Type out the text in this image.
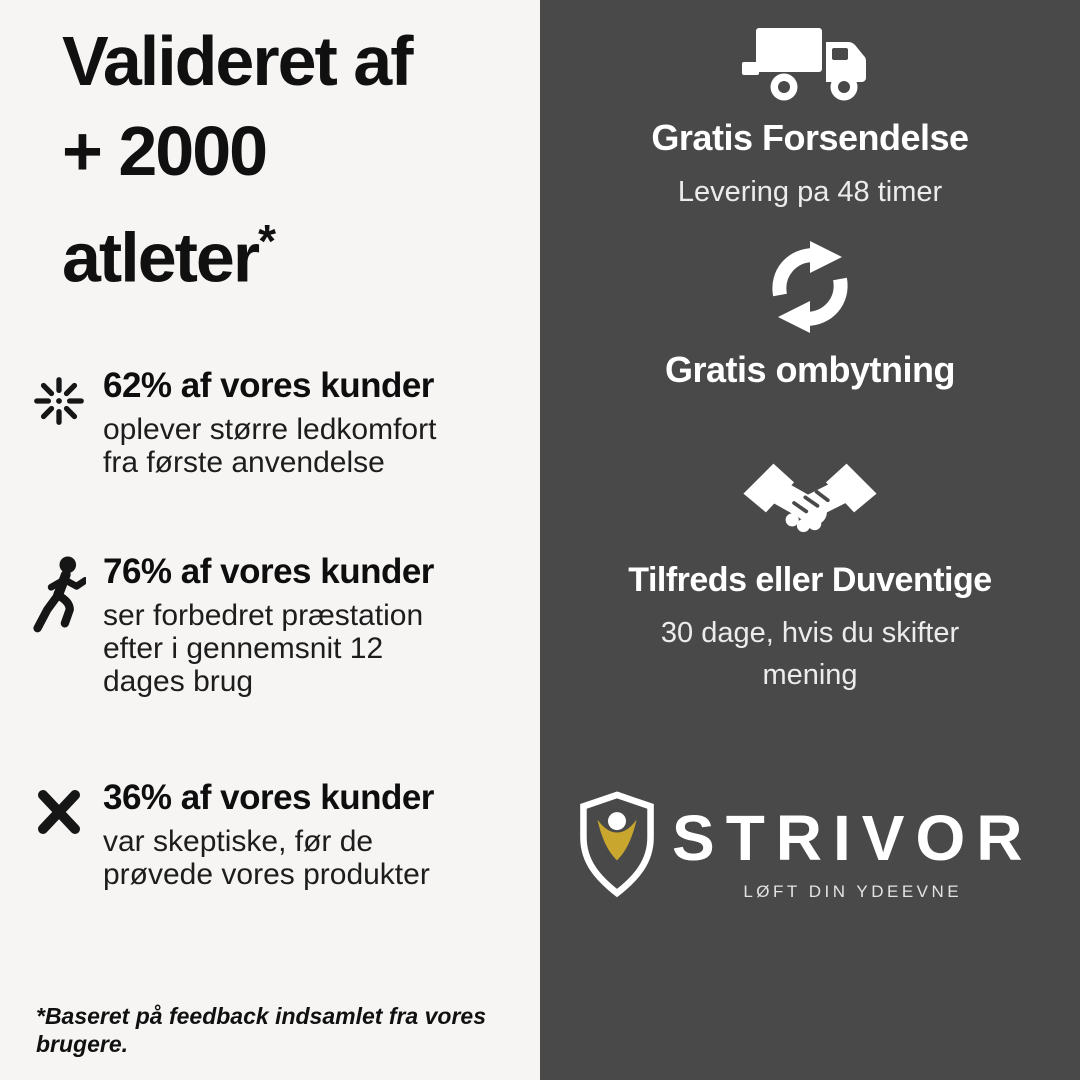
Valideret af
+ 2000
atleter*
62% af vores kunder
oplever større ledkomfort fra første anvendelse
76% af vores kunder
ser forbedret præstation efter i gennemsnit 12 dages brug
36% af vores kunder
var skeptiske, før de prøvede vores produkter
*Baseret på feedback indsamlet fra vores brugere.
Gratis Forsendelse
Levering pa 48 timer
Gratis ombytning
Tilfreds eller Duventige
30 dage, hvis du skifter mening
STRIVOR
LØFT DIN YDEEVNE
